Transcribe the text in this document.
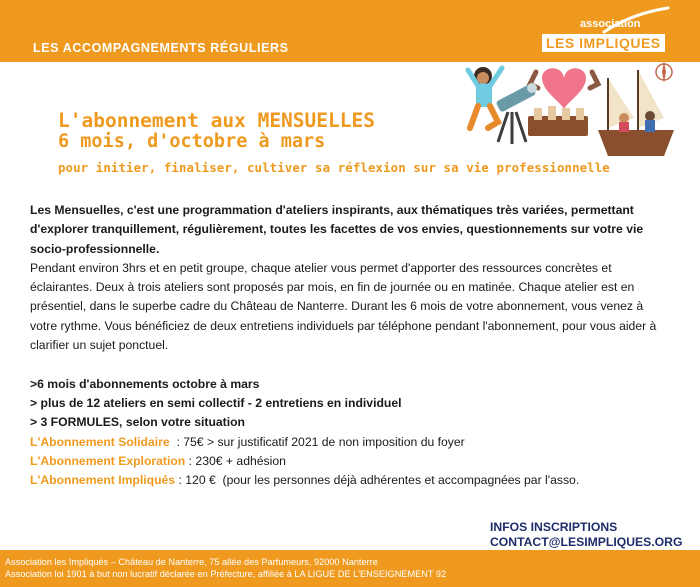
LES ACCOMPAGNEMENTS RÉGULIERS
association
LES IMPLIQUES
L'abonnement aux MENSUELLES
6 mois, d'octobre à mars
pour initier, finaliser, cultiver sa réflexion sur sa vie professionnelle

Les Mensuelles, c'est une programmation d'ateliers inspirants, aux thématiques très variées, permettant d'explorer tranquillement, régulièrement, toutes les facettes de vos envies, questionnements sur votre vie socio-professionnelle.

Pendant environ 3hrs et en petit groupe, chaque atelier vous permet d'apporter des ressources concrètes et éclairantes. Deux à trois ateliers sont proposés par mois, en fin de journée ou en matinée. Chaque atelier est en présentiel, dans le superbe cadre du Château de Nanterre. Durant les 6 mois de votre abonnement, vous venez à votre rythme. Vous bénéficiez de deux entretiens individuels par téléphone pendant l'abonnement, pour vous aider à clarifier un sujet ponctuel.

>6 mois d'abonnements octobre à mars

> plus de 12 ateliers en semi collectif - 2 entretiens en individuel

> 3 FORMULES, selon votre situation

L'Abonnement Solidaire  : 75€ > sur justificatif 2021 de non imposition du foyer

L'Abonnement Exploration : 230€ + adhésion

L'Abonnement Impliqués : 120 €  (pour les personnes déjà adhérentes et accompagnées par l'asso.

INFOS INSCRIPTIONS
CONTACT@LESIMPLIQUES.ORG
Association les Impliqués – Château de Nanterre, 75 allée des Parfumeurs, 92000 Nanterre
Association loi 1901 à but non lucratif déclarée en Préfecture, affiliée à LA LIGUE DE L'ENSEIGNEMENT 92
